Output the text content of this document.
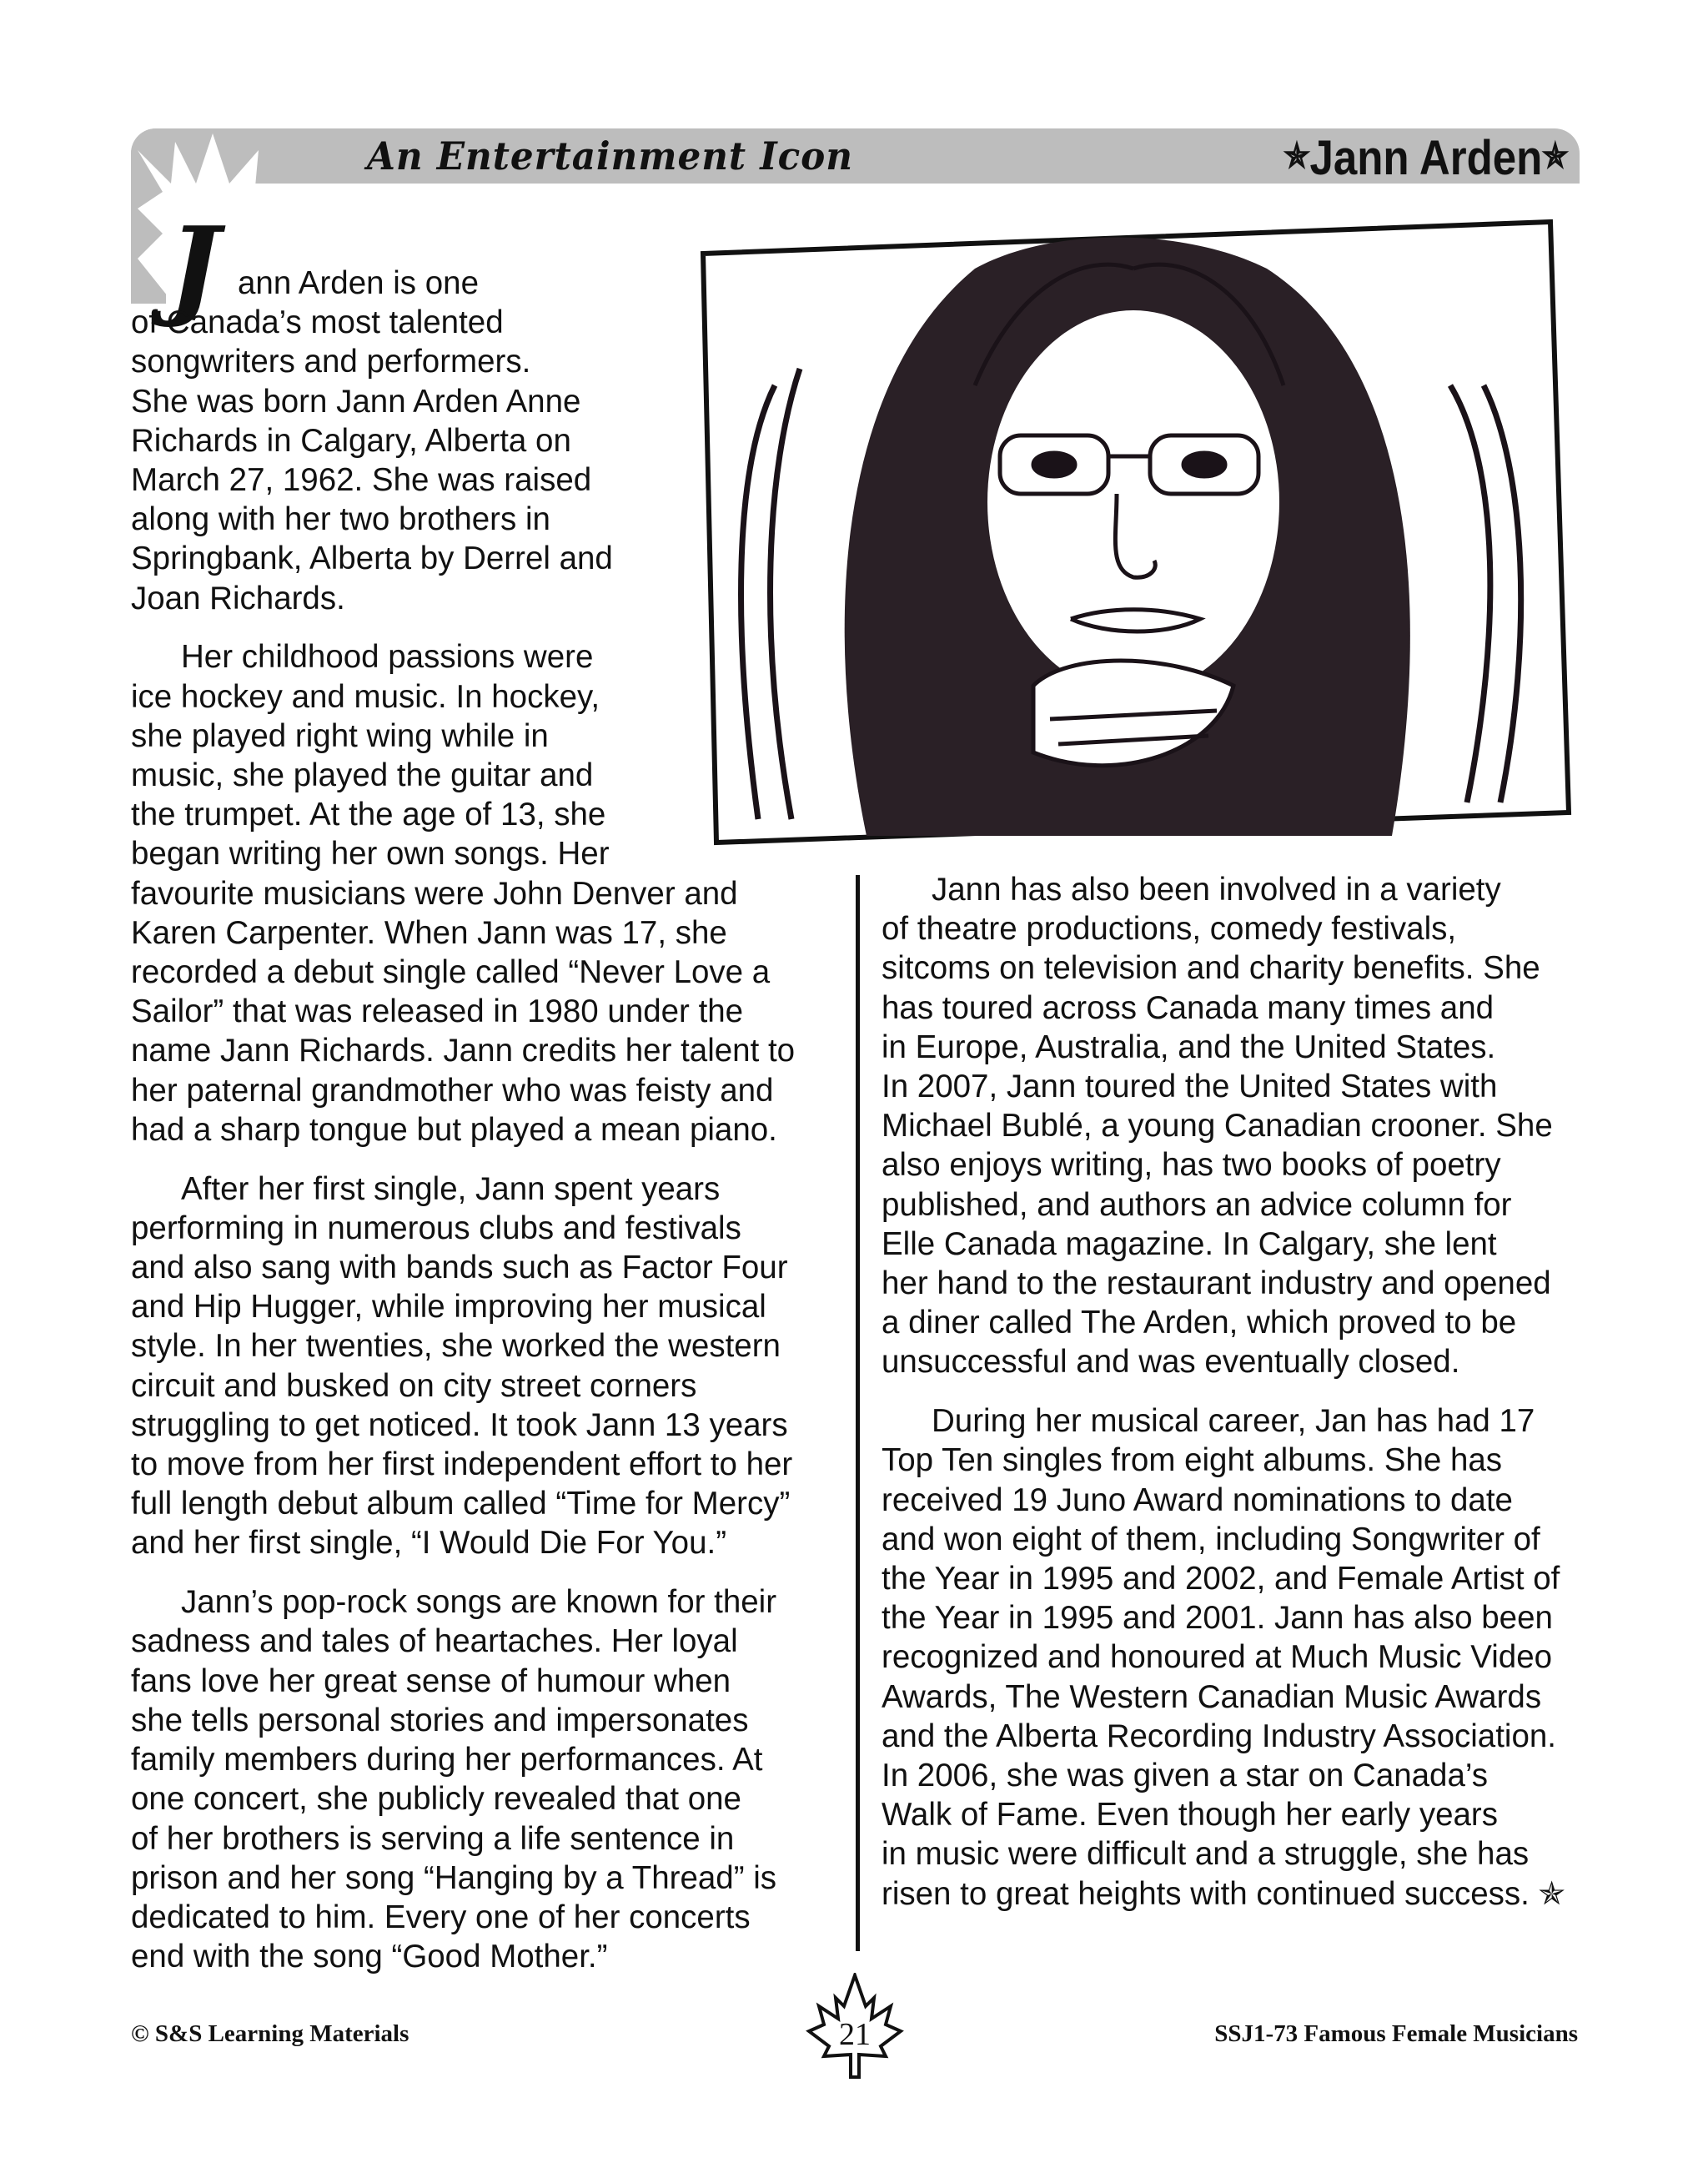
An Entertainment Icon	✯Jann Arden✯
J ann Arden is one
of Canada’s most talented
songwriters and performers.
She was born Jann Arden Anne
Richards in Calgary, Alberta on
March 27, 1962. She was raised
along with her two brothers in
Springbank, Alberta by Derrel and
Joan Richards.
Her childhood passions were
ice hockey and music. In hockey,
she played right wing while in
music, she played the guitar and
the trumpet. At the age of 13, she
began writing her own songs. Her
favourite musicians were John Denver and
Karen Carpenter. When Jann was 17, she
recorded a debut single called “Never Love a
Sailor” that was released in 1980 under the
name Jann Richards. Jann credits her talent to
her paternal grandmother who was feisty and
had a sharp tongue but played a mean piano.
After her first single, Jann spent years
performing in numerous clubs and festivals
and also sang with bands such as Factor Four
and Hip Hugger, while improving her musical
style. In her twenties, she worked the western
circuit and busked on city street corners
struggling to get noticed. It took Jann 13 years
to move from her first independent effort to her
full length debut album called “Time for Mercy”
and her first single, “I Would Die For You.”
Jann’s pop-rock songs are known for their
sadness and tales of heartaches. Her loyal
fans love her great sense of humour when
she tells personal stories and impersonates
family members during her performances. At
one concert, she publicly revealed that one
of her brothers is serving a life sentence in
prison and her song “Hanging by a Thread” is
dedicated to him. Every one of her concerts
end with the song “Good Mother.”
Jann has also been involved in a variety
of theatre productions, comedy festivals,
sitcoms on television and charity benefits. She
has toured across Canada many times and
in Europe, Australia, and the United States.
In 2007, Jann toured the United States with
Michael Bublé, a young Canadian crooner. She
also enjoys writing, has two books of poetry
published, and authors an advice column for
Elle Canada magazine. In Calgary, she lent
her hand to the restaurant industry and opened
a diner called The Arden, which proved to be
unsuccessful and was eventually closed.
During her musical career, Jan has had 17
Top Ten singles from eight albums. She has
received 19 Juno Award nominations to date
and won eight of them, including Songwriter of
the Year in 1995 and 2002, and Female Artist of
the Year in 1995 and 2001. Jann has also been
recognized and honoured at Much Music Video
Awards, The Western Canadian Music Awards
and the Alberta Recording Industry Association.
In 2006, she was given a star on Canada’s
Walk of Fame. Even though her early years
in music were difficult and a struggle, she has
risen to great heights with continued success. ✯
© S&S Learning Materials	21	SSJ1-73 Famous Female Musicians
